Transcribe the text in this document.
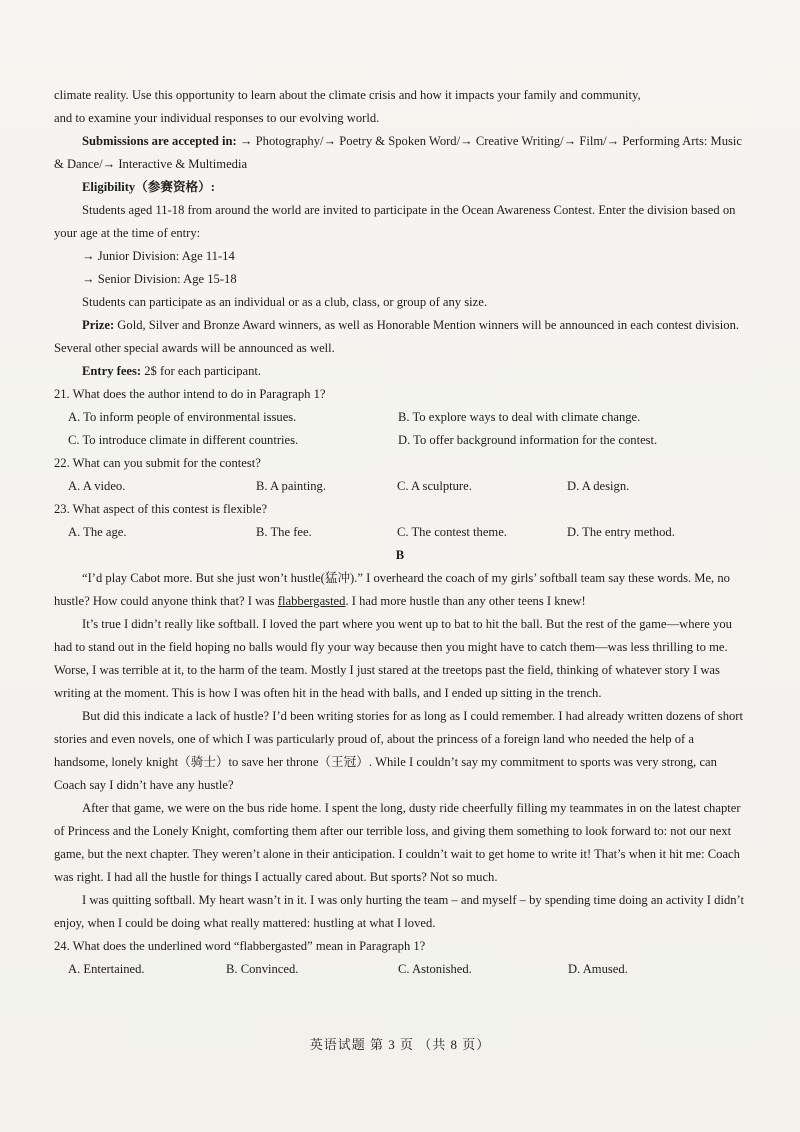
climate reality. Use this opportunity to learn about the climate crisis and how it impacts your family and community,

and to examine your individual responses to our evolving world.

Submissions are accepted in: → Photography/→ Poetry & Spoken Word/→ Creative Writing/→ Film/→ Performing Arts: Music & Dance/→ Interactive & Multimedia

Eligibility（参赛资格）:

Students aged 11-18 from around the world are invited to participate in the Ocean Awareness Contest. Enter the division based on your age at the time of entry:

→ Junior Division: Age 11-14

→ Senior Division: Age 15-18

Students can participate as an individual or as a club, class, or group of any size.

Prize: Gold, Silver and Bronze Award winners, as well as Honorable Mention winners will be announced in each contest division. Several other special awards will be announced as well.

Entry fees: 2$ for each participant.

21. What does the author intend to do in Paragraph 1?

A. To inform people of environmental issues.	B. To explore ways to deal with climate change.
C. To introduce climate in different countries.	D. To offer background information for the contest.

22. What can you submit for the contest?

A. A video.	B. A painting.	C. A sculpture.	D. A design.

23. What aspect of this contest is flexible?

A. The age.	B. The fee.	C. The contest theme.	D. The entry method.

B

“I’d play Cabot more. But she just won’t hustle(猛冲).” I overheard the coach of my girls’ softball team say these words. Me, no hustle? How could anyone think that? I was flabbergasted. I had more hustle than any other teens I knew!

It’s true I didn’t really like softball. I loved the part where you went up to bat to hit the ball. But the rest of the game—where you had to stand out in the field hoping no balls would fly your way because then you might have to catch them—was less thrilling to me. Worse, I was terrible at it, to the harm of the team. Mostly I just stared at the treetops past the field, thinking of whatever story I was writing at the moment. This is how I was often hit in the head with balls, and I ended up sitting in the trench.

But did this indicate a lack of hustle? I’d been writing stories for as long as I could remember. I had already written dozens of short stories and even novels, one of which I was particularly proud of, about the princess of a foreign land who needed the help of a handsome, lonely knight（骑士）to save her throne（王冠）. While I couldn’t say my commitment to sports was very strong, can Coach say I didn’t have any hustle?

After that game, we were on the bus ride home. I spent the long, dusty ride cheerfully filling my teammates in on the latest chapter of Princess and the Lonely Knight, comforting them after our terrible loss, and giving them something to look forward to: not our next game, but the next chapter. They weren’t alone in their anticipation. I couldn’t wait to get home to write it! That’s when it hit me: Coach was right. I had all the hustle for things I actually cared about. But sports? Not so much.

I was quitting softball. My heart wasn’t in it. I was only hurting the team – and myself – by spending time doing an activity I didn’t enjoy, when I could be doing what really mattered: hustling at what I loved.

24. What does the underlined word “flabbergasted” mean in Paragraph 1?

A. Entertained.	B. Convinced.	C. Astonished.	D. Amused.
英语试题 第 3 页 （共 8 页）
